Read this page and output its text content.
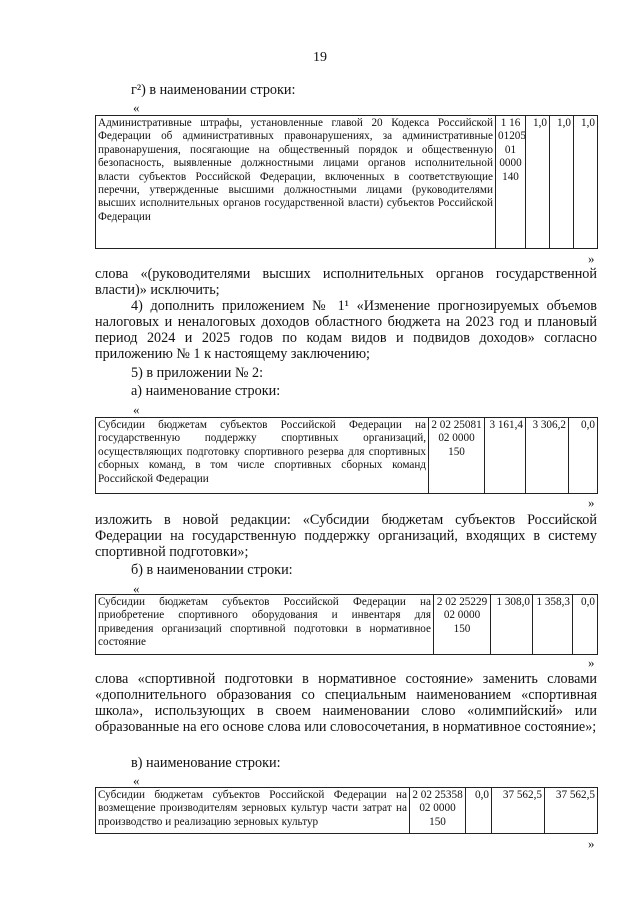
19
г²) в наименовании строки:
«
Административные штрафы, установленные главой 20 Кодекса Российской Федерации об административных правонарушениях, за административные правонарушения, посягающие на общественный порядок и общественную безопасность, выявленные должностными лицами органов исполнительной власти субъектов Российской Федерации, включенных в соответствующие перечни, утвержденные высшими должностными лицами (руководителями высших исполнительных органов государственной власти) субъектов Российской Федерации	1 16 01205 01 0000 140	1,0	1,0	1,0
»
слова «(руководителями высших исполнительных органов государственной власти)» исключить;
4) дополнить приложением № 1¹ «Изменение прогнозируемых объемов налоговых и неналоговых доходов областного бюджета на 2023 год и плановый период 2024 и 2025 годов по кодам видов и подвидов доходов» согласно приложению № 1 к настоящему заключению;
5) в приложении № 2:
а) наименование строки:
«
Субсидии бюджетам субъектов Российской Федерации на государственную поддержку спортивных организаций, осуществляющих подготовку спортивного резерва для спортивных сборных команд, в том числе спортивных сборных команд Российской Федерации	2 02 25081 02 0000 150	3 161,4	3 306,2	0,0
»
изложить в новой редакции: «Субсидии бюджетам субъектов Российской Федерации на государственную поддержку организаций, входящих в систему спортивной подготовки»;
б) в наименовании строки:
«
Субсидии бюджетам субъектов Российской Федерации на приобретение спортивного оборудования и инвентаря для приведения организаций спортивной подготовки в нормативное состояние	2 02 25229 02 0000 150	1 308,0	1 358,3	0,0
»
слова «спортивной подготовки в нормативное состояние» заменить словами «дополнительного образования со специальным наименованием «спортивная школа», использующих в своем наименовании слово «олимпийский» или образованные на его основе слова или словосочетания, в нормативное состояние»;
в) наименование строки:
«
Субсидии бюджетам субъектов Российской Федерации на возмещение производителям зерновых культур части затрат на производство и реализацию зерновых культур	2 02 25358 02 0000 150	0,0	37 562,5	37 562,5
»
